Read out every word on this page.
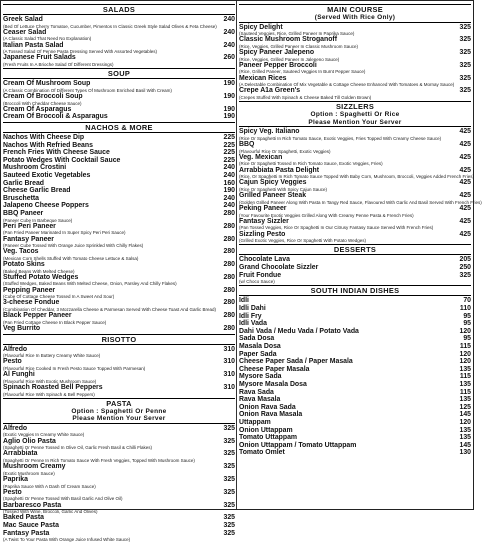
SALADS
Greek Salad	240
(Bed Of Lettuce Cherry Tomatoe, Cucumber, Pimentos In Classic Greek Style Salad Olives & Feta Cheese)
Ceaser Salad	240
(A Classic Salad That Need No Explanation)
Italian Pasta Salad	240
(A Tossed Salad Of Penne Pasta Dressing Served With Assorted Vegetables)
Japanese Fruit Salads	260
(Fresh Fruits In A Brioche Salad Of Different Dressings)
SOUP
Cream Of Mushroom Soup	190
(A Classic Combination Of Different Types Of Mushroom Enriched Basil With Cream)
Cream Of Broccoli Soup	190
(Broccoli With Cheddar Cheese Sauce)
Cream Of Asparagus	190
Cream Of Broccoli & Asparagus	190
NACHOS & MORE
Nachos With Cheese Dip	225
Nachos With Refried Beans	225
French Fries With Cheese Sauce	225
Potato Wedges With Cocktail Sauce	225
Mushroom Crostini	240
Sauteed Exotic Vegetables	240
Garlic Bread	160
Cheese Garlic Bread	190
Bruschetta	240
Jalapeno Cheese Poppers	240
BBQ Paneer	280
(Paneer Cube In Barbeque Sauce)
Peri Peri Paneer	280
(Pan Fried Paneer Marinated In Super Spicy Peri Peri Sauce)
Fantasy Paneer	280
(Paneer Cube Tossed With Orange Juice Sprinkled With Chilly Flakes)
Veg. Tacos	280
(Mexican Corn Shells Stuffed With Tomato Cheese Lettuce & Salsa)
Potato Skins	280
(Baked Beans With Melted Cheese)
Stuffed Potato Wedges	280
(Stuffed Wedges, Baked Beans With Melted Cheese, Onion, Parsley And Chilly Flakes)
Pepping Paneer	280
(Cube Of Cottage Cheese Tossed In A Sweet And Sour)
3-cheese Fondue	280
(Combination Of Cheddar, 3 Mozzarella Cheese & Parmesan Served With Cheese Toast And Garlic Bread)
Black Pepper Paneer	280
(Pan Fried Cottage Cheese In Black Pepper Sauce)
Veg Burrito	280
RISOTTO
Alfredo	310
(Flavourful Rice In Buttery Creamy White Sauce)
Pesto	310
(Flavourful Rice Cooked In Fresh Pesto Sauce Topped With Parmesan)
Al Funghi	310
(Flavourful Rice With Exotic Mushroom Sauce)
Spinach Roasted Bell Peppers	310
(Flavourful Rice With Spinach & Bell Peppers)
PASTA
Option : Spaghetti Or Penne
Please Mention Your Server
Alfredo	325
(Exotic Veggies In Creamy White Sauce)
Aglio Olio Pasta	325
(Spaghetti Or Penne Tossed In Olive Oil, Garlic Fresh Basil & Chilli Flakes)
Arrabbiata	325
(Spaghetti Or Penne In Rich Tomato Sauce With Fresh Veggies, Topped With Mushroom Sauce)
Mushroom Creamy	325
(Exotic Mushroom Sauce)
Paprika	325
(Paprika Sauce With A Dash Of Cream Sauce)
Pesto	325
(Spaghetti Or Penne Tossed With Basil Garlic And Olive Oil)
Barbaresco Pasta	325
(Tossed With Wine, Broccoli, Garlic And Olives)
Baked Pasta	325
Mac Sauce Pasta	325
Fantasy Pasta	325
(A Twist To Your Pasta With Orange Juice Infused White Sauce)
MAIN COURSE
(Served With Rice Only)
Spicy Delight	325
(Sauteed Veggies, Rice, Grilled Paneer In Paprika Sauce)
Classic Mushroom Stroganoff	325
(Rice, Veggies, Grilled Paneer In Classic Mushroom Sauce)
Spicy Paneer Jalepeno	325
(Rice, Veggies, Grilled Paneer In Jalepeno Sauce)
Paneer Pepper Broccoli	325
(Rice, Grilled Paneer, Sauteed Veggies In Burnt Pepper Sauce)
Mexican Rices	325
(A Delectable Combination Of Mix Vegetable & Cottage Cheese Enhanced With Tomatoes & Mornay Sauce)
Crepe A1a Green's	325
(Crepes Stuffed With Spinach & Cheese Baked Till Golden Brown)
SIZZLERS
Option : Spaghetti Or Rice
Please Mention Your Server
Spicy Veg. Italiano	425
(Rice Or Spaghetti In Rich Tomato Sauce, Exotic Veggies, Fries Topped With Creamy Cheese Sauce)
BBQ	425
(Flavourful Rice Or Spaghetti, Exotic Veggies)
Veg. Mexican	425
(Rice Or Spaghetti Tossed In Rich Tomato Sauce, Exotic Veggies, Fries)
Arrabbiata Pasta Delight	425
(Rice, Or Spaghetti In Rich Tomato Sauce Topped With Baby Corn, Mushroom, Broccoli, Veggies Added French Fries)
Cajun Spicy Veggies	425
(Rice Or Spaghetti With Spicy Cajun Sauce)
Grilled Paneer Steak	425
(Golden Grilled Paneer Along With Pasta In Tangy Red Sauce, Flavoured With Garlic And Basil Served With French Fries)
Peking Paneer	425
(Your Favourite Exotic Veggies Grilled Along With Creamy Penne Pasta & French Fries)
Fantasy Sizzler	425
(Pan Tossed Veggies, Rice Or Spaghetti In Our Citrusy Fantasy Sauce Served With French Fries)
Sizzling Pesto	425
(Grilled Exotic Veggies, Rice Or Spaghetti With Potato Wedges)
DESSERTS
Chocolate Lava	205
Grand Chocolate Sizzler	250
Fruit Fondue	325
(w/ Choco Sauce)
SOUTH INDIAN DISHES
Idli	70
Idli Dahi	110
Idli Fry	95
Idli Vada	95
Dahi Vada / Medu Vada / Potato Vada	120
Sada Dosa	95
Masala Dosa	115
Paper Sada	120
Cheese Paper Sada / Paper Masala	120
Cheese Paper Masala	135
Mysore Sada	115
Mysore Masala Dosa	135
Rava Sada	115
Rava Masala	135
Onion Rava Sada	125
Onion Rava Masala	145
Uttappam	120
Onion Uttappam	135
Tomato Uttappam	135
Onion Uttappam / Tomato Uttappam	145
Tomato Omlet	130
